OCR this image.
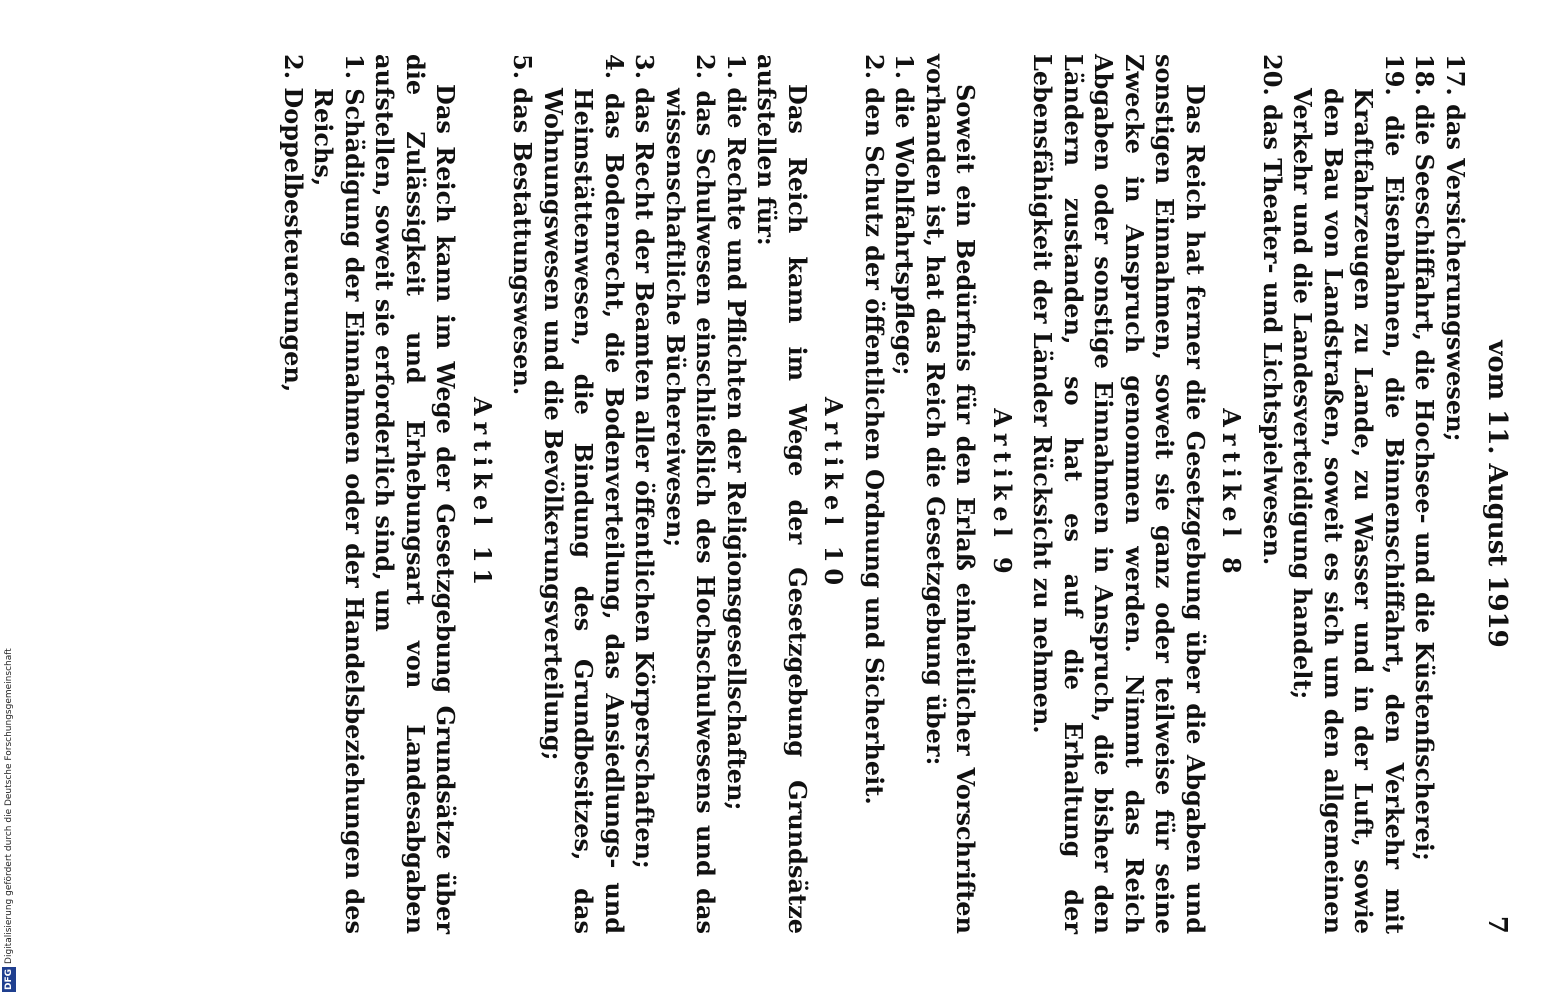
vom 11. August 1919
7
17. das Versicherungswesen;
18. die Seeschiffahrt, die Hochsee- und die Küstenfischerei;
19. die Eisenbahnen, die Binnenschiffahrt, den Verkehr mit Kraftfahrzeugen zu Lande, zu Wasser und in der Luft, sowie den Bau von Landstraßen, soweit es sich um den allgemeinen Verkehr und die Landesverteidigung handelt;
20. das Theater- und Lichtspielwesen.
Artikel 8
Das Reich hat ferner die Gesetzgebung über die Abgaben und sonstigen Einnahmen, soweit sie ganz oder teilweise für seine Zwecke in Anspruch genommen werden. Nimmt das Reich Abgaben oder sonstige Einnahmen in Anspruch, die bisher den Ländern zustanden, so hat es auf die Erhaltung der Lebensfähigkeit der Länder Rücksicht zu nehmen.
Artikel 9
Soweit ein Bedürfnis für den Erlaß einheitlicher Vorschriften vorhanden ist, hat das Reich die Gesetzgebung über:
1. die Wohlfahrtspflege;
2. den Schutz der öffentlichen Ordnung und Sicherheit.
Artikel 10
Das Reich kann im Wege der Gesetzgebung Grundsätze aufstellen für:
1. die Rechte und Pflichten der Religionsgesellschaften;
2. das Schulwesen einschließlich des Hochschulwesens und das wissenschaftliche Büchereiwesen;
3. das Recht der Beamten aller öffentlichen Körperschaften;
4. das Bodenrecht, die Bodenverteilung, das Ansiedlungs- und Heimstättenwesen, die Bindung des Grundbesitzes, das Wohnungswesen und die Bevölkerungsverteilung;
5. das Bestattungswesen.
Artikel 11
Das Reich kann im Wege der Gesetzgebung Grundsätze über die Zulässigkeit und Erhebungsart von Landesabgaben aufstellen, soweit sie erforderlich sind, um
1. Schädigung der Einnahmen oder der Handelsbeziehungen des Reichs,
2. Doppelbesteuerungen,
DFGDigitalisierung gefördert durch die Deutsche Forschungsgemeinschaft
